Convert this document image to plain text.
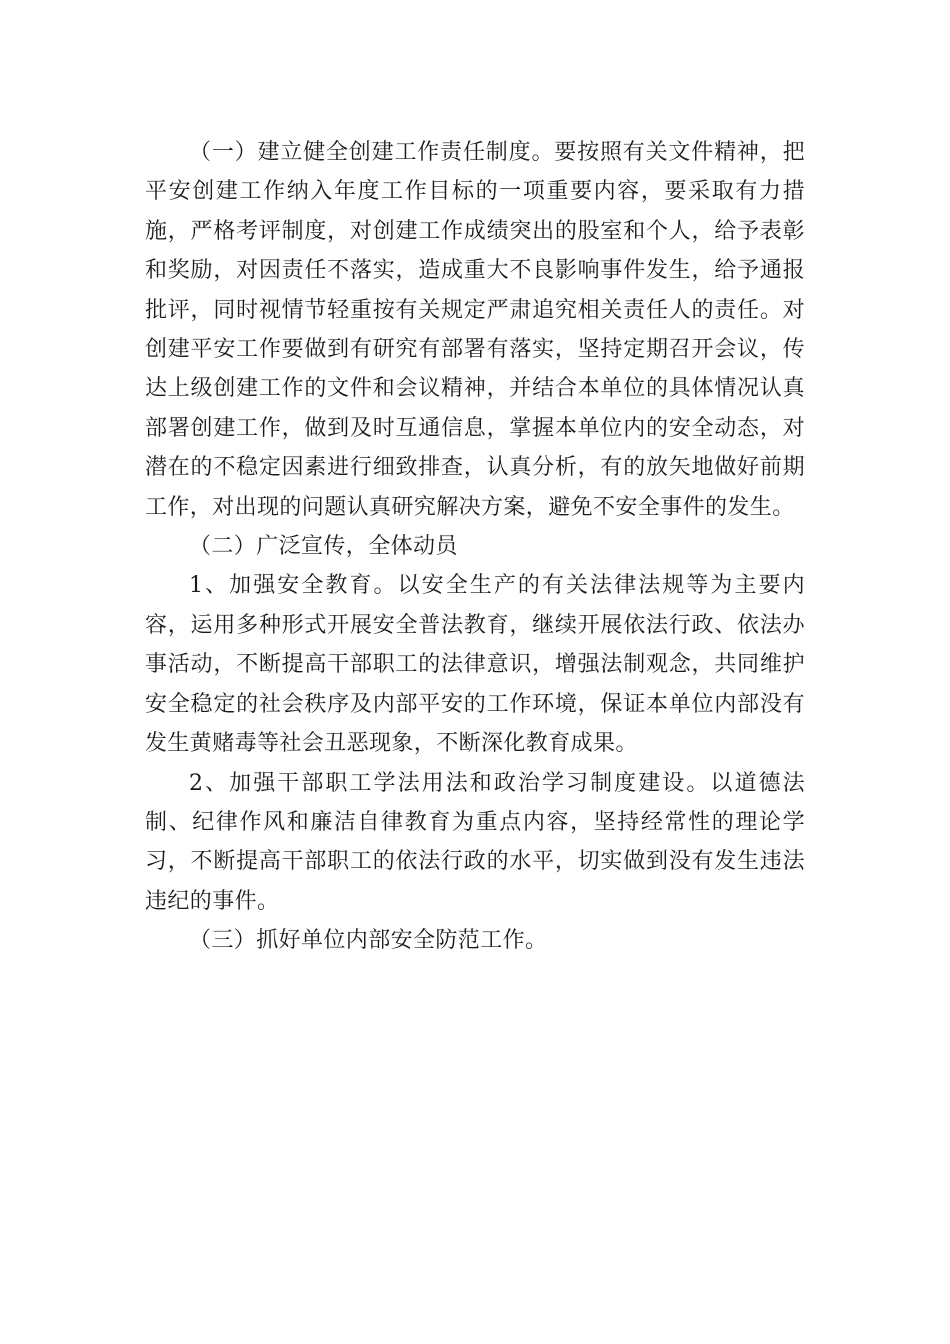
（一）建立健全创建工作责任制度。要按照有关文件精神，把平安创建工作纳入年度工作目标的一项重要内容，要采取有力措施，严格考评制度，对创建工作成绩突出的股室和个人，给予表彰和奖励，对因责任不落实，造成重大不良影响事件发生，给予通报批评，同时视情节轻重按有关规定严肃追究相关责任人的责任。对创建平安工作要做到有研究有部署有落实，坚持定期召开会议，传达上级创建工作的文件和会议精神，并结合本单位的具体情况认真部署创建工作，做到及时互通信息，掌握本单位内的安全动态，对潜在的不稳定因素进行细致排查，认真分析，有的放矢地做好前期工作，对出现的问题认真研究解决方案，避免不安全事件的发生。

（二）广泛宣传，全体动员

1、加强安全教育。以安全生产的有关法律法规等为主要内容，运用多种形式开展安全普法教育，继续开展依法行政、依法办事活动，不断提高干部职工的法律意识，增强法制观念，共同维护安全稳定的社会秩序及内部平安的工作环境，保证本单位内部没有发生黄赌毒等社会丑恶现象，不断深化教育成果。

2、加强干部职工学法用法和政治学习制度建设。以道德法制、纪律作风和廉洁自律教育为重点内容，坚持经常性的理论学习，不断提高干部职工的依法行政的水平，切实做到没有发生违法违纪的事件。

（三）抓好单位内部安全防范工作。
